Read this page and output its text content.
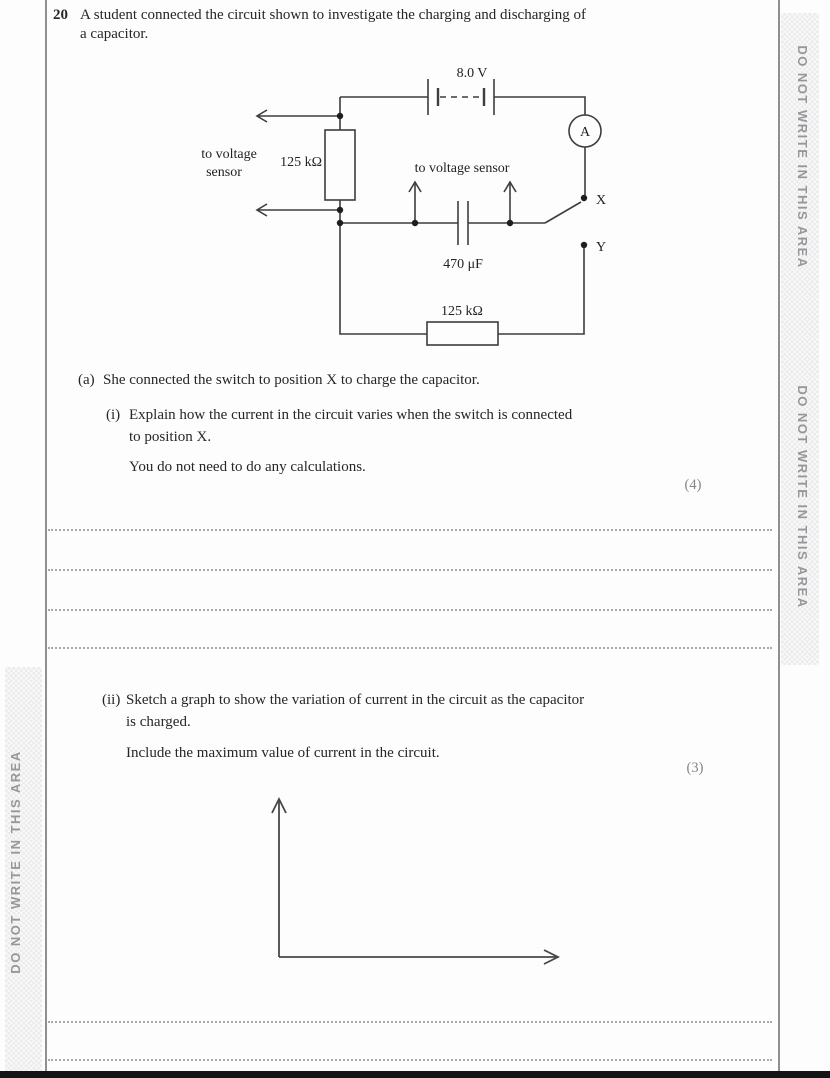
DO NOT WRITE IN THIS AREA
DO NOT WRITE IN THIS AREA
DO NOT WRITE IN THIS AREA
20 A student connected the circuit shown to investigate the charging and discharging of
a capacitor.
8.0 V
A
125 kΩ
to voltage
sensor	to voltage sensor
470 μF
125 kΩ
X
Y
(a) She connected the switch to position X to charge the capacitor.
(i) Explain how the current in the circuit varies when the switch is connected
to position X.
You do not need to do any calculations.
(4)
(ii) Sketch a graph to show the variation of current in the circuit as the capacitor
is charged.
Include the maximum value of current in the circuit.
(3)
